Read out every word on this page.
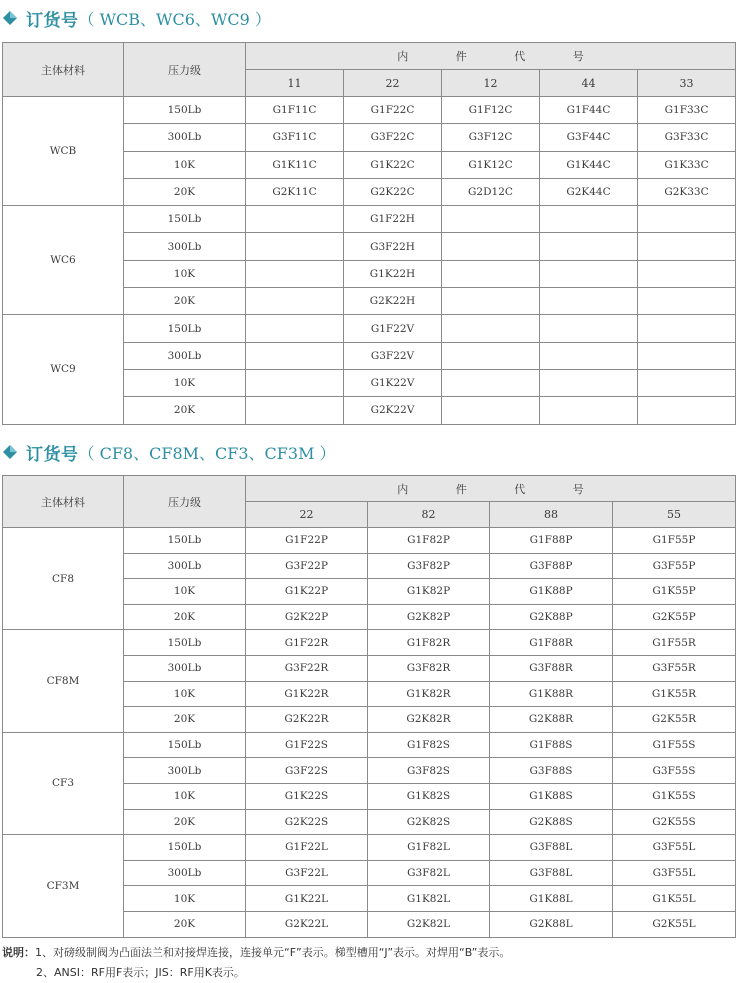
订货号 （ WCB、WC6、WC9 ）
主体材料	压力级	内 件 代 号				
		11	22	12	44	33
WCB	150Lb	G1F11C	G1F22C	G1F12C	G1F44C	G1F33C
	300Lb	G3F11C	G3F22C	G3F12C	G3F44C	G3F33C
	10K	G1K11C	G1K22C	G1K12C	G1K44C	G1K33C
	20K	G2K11C	G2K22C	G2D12C	G2K44C	G2K33C
WC6	150Lb		G1F22H			
	300Lb		G3F22H			
	10K		G1K22H			
	20K		G2K22H			
WC9	150Lb		G1F22V			
	300Lb		G3F22V			
	10K		G1K22V			
	20K		G2K22V			
订货号 （ CF8、CF8M、CF3、CF3M ）
主体材料	压力级	内 件 代 号			
		22	82	88	55
CF8	150Lb	G1F22P	G1F82P	G1F88P	G1F55P
	300Lb	G3F22P	G3F82P	G3F88P	G3F55P
	10K	G1K22P	G1K82P	G1K88P	G1K55P
	20K	G2K22P	G2K82P	G2K88P	G2K55P
CF8M	150Lb	G1F22R	G1F82R	G1F88R	G1F55R
	300Lb	G3F22R	G3F82R	G3F88R	G3F55R
	10K	G1K22R	G1K82R	G1K88R	G1K55R
	20K	G2K22R	G2K82R	G2K88R	G2K55R
CF3	150Lb	G1F22S	G1F82S	G1F88S	G1F55S
	300Lb	G3F22S	G3F82S	G3F88S	G3F55S
	10K	G1K22S	G1K82S	G1K88S	G1K55S
	20K	G2K22S	G2K82S	G2K88S	G2K55S
CF3M	150Lb	G1F22L	G1F82L	G3F88L	G3F55L
	300Lb	G3F22L	G3F82L	G3F88L	G3F55L
	10K	G1K22L	G1K82L	G1K88L	G1K55L
	20K	G2K22L	G2K82L	G2K88L	G2K55L
说明：1、对磅级制阀为凸面法兰和对接焊连接，连接单元“F”表示。梯型槽用“J”表示。对焊用“B”表示。
2、ANSI：RF用F表示；JIS：RF用K表示。
